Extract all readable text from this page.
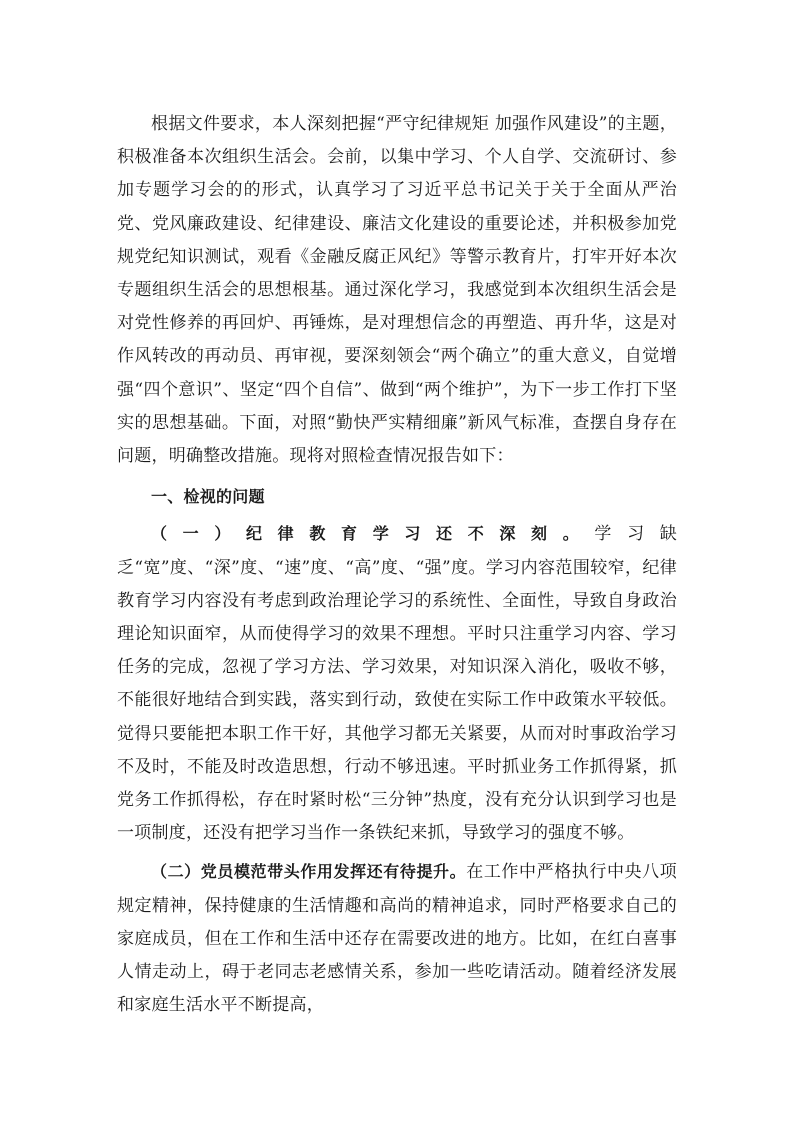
根据文件要求，本人深刻把握“严守纪律规矩 加强作风建设”的主题，积极准备本次组织生活会。会前，以集中学习、个人自学、交流研讨、参加专题学习会的的形式，认真学习了习近平总书记关于关于全面从严治党、党风廉政建设、纪律建设、廉洁文化建设的重要论述，并积极参加党规党纪知识测试，观看《金融反腐正风纪》等警示教育片，打牢开好本次专题组织生活会的思想根基。通过深化学习，我感觉到本次组织生活会是对党性修养的再回炉、再锤炼，是对理想信念的再塑造、再升华，这是对作风转改的再动员、再审视，要深刻领会“两个确立”的重大意义，自觉增强“四个意识”、坚定“四个自信”、做到“两个维护”，为下一步工作打下坚实的思想基础。下面，对照“勤快严实精细廉”新风气标准，查摆自身存在问题，明确整改措施。现将对照检查情况报告如下：

一、检视的问题

（一）纪律教育学习还不深刻。学习缺乏“宽”度、“深”度、“速”度、“高”度、“强”度。学习内容范围较窄，纪律教育学习内容没有考虑到政治理论学习的系统性、全面性，导致自身政治理论知识面窄，从而使得学习的效果不理想。平时只注重学习内容、学习任务的完成，忽视了学习方法、学习效果，对知识深入消化，吸收不够，不能很好地结合到实践，落实到行动，致使在实际工作中政策水平较低。觉得只要能把本职工作干好，其他学习都无关紧要，从而对时事政治学习不及时，不能及时改造思想，行动不够迅速。平时抓业务工作抓得紧，抓党务工作抓得松，存在时紧时松“三分钟”热度，没有充分认识到学习也是一项制度，还没有把学习当作一条铁纪来抓，导致学习的强度不够。

（二）党员模范带头作用发挥还有待提升。在工作中严格执行中央八项规定精神，保持健康的生活情趣和高尚的精神追求，同时严格要求自己的家庭成员，但在工作和生活中还存在需要改进的地方。比如，在红白喜事人情走动上，碍于老同志老感情关系，参加一些吃请活动。随着经济发展和家庭生活水平不断提高，
